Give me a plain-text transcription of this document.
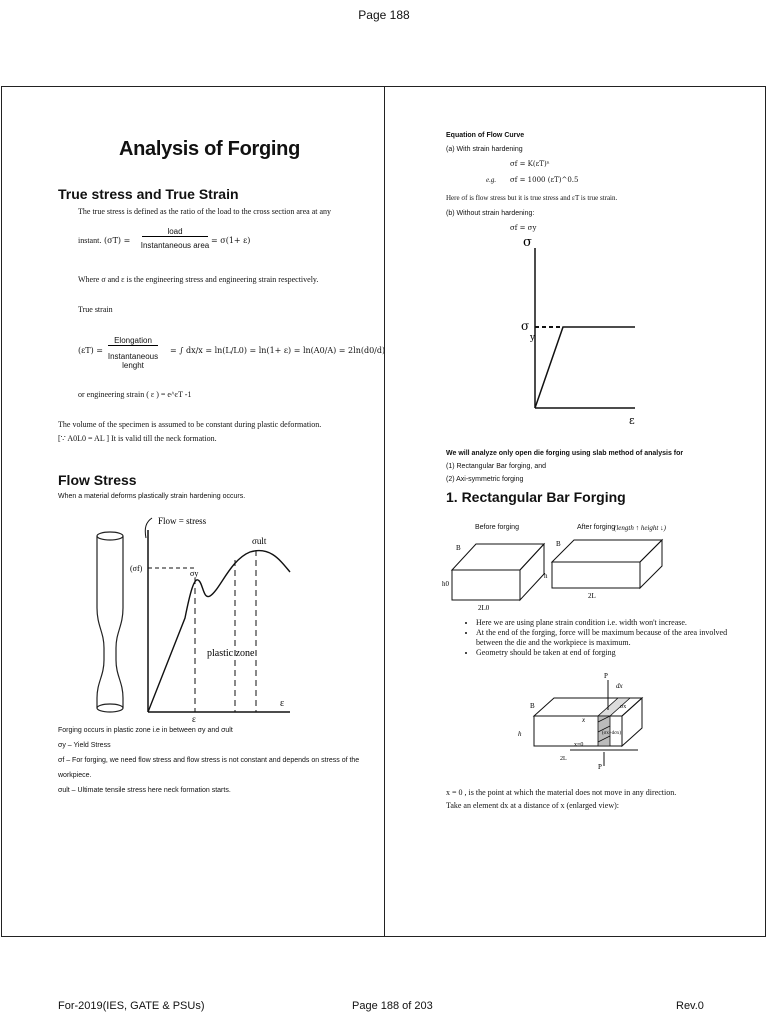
Page 188
Analysis of Forging
True stress and True Strain
The true stress is defined as the ratio of the load to the cross section area at any
instant. (σT) =
load
Instantaneous area
= σ(1+ ε)
Where σ and ε is the engineering stress and engineering strain respectively.
True strain
(εT) =
Elongation
Instantaneous lenght
= ∫ dx/x = ln(L/L0) = ln(1+ ε) = ln(A0/A) = 2ln(d0/d)
or engineering strain ( ε ) = e^εT -1
The volume of the specimen is assumed to be constant during plastic deformation.
[∵ A0L0 = AL ] It is valid till the neck formation.
Flow Stress
When a material deforms plastically strain hardening occurs.
Flow = stress
σult
σy
(σf)
plastic zone
ε
ε
Forging occurs in plastic zone i.e in between σy and σult
σy – Yield Stress
σf – For forging, we need flow stress and flow stress is not constant and depends on stress of the
workpiece.
σult – Ultimate tensile stress here neck formation starts.
Equation of Flow Curve
(a) With strain hardening
σf = K(εT)ⁿ
e.g. σf = 1000 (εT)^0.5
Here σf is flow stress but it is true stress and εT is true strain.
(b) Without strain hardening:
σf = σy
σ
σ
y
ε
We will analyze only open die forging using slab method of analysis for
(1) Rectangular Bar forging, and
(2) Axi-symmetric forging
1. Rectangular Bar Forging
Before forging	After forging
(length ↑ height ↓)
B
h0
2L0
B
h
2L
• Here we are using plane strain condition i.e. width won't increase.
• At the end of the forging, force will be maximum because of the area involved between the die and the workpiece is maximum.
• Geometry should be taken at end of forging
P
dx
B
h
x
x=0
2L
σx
(σx+dσx)
P
x = 0 , is the point at which the material does not move in any direction.
Take an element dx at a distance of x (enlarged view):
For-2019(IES, GATE & PSUs)	Page 188 of 203	Rev.0
